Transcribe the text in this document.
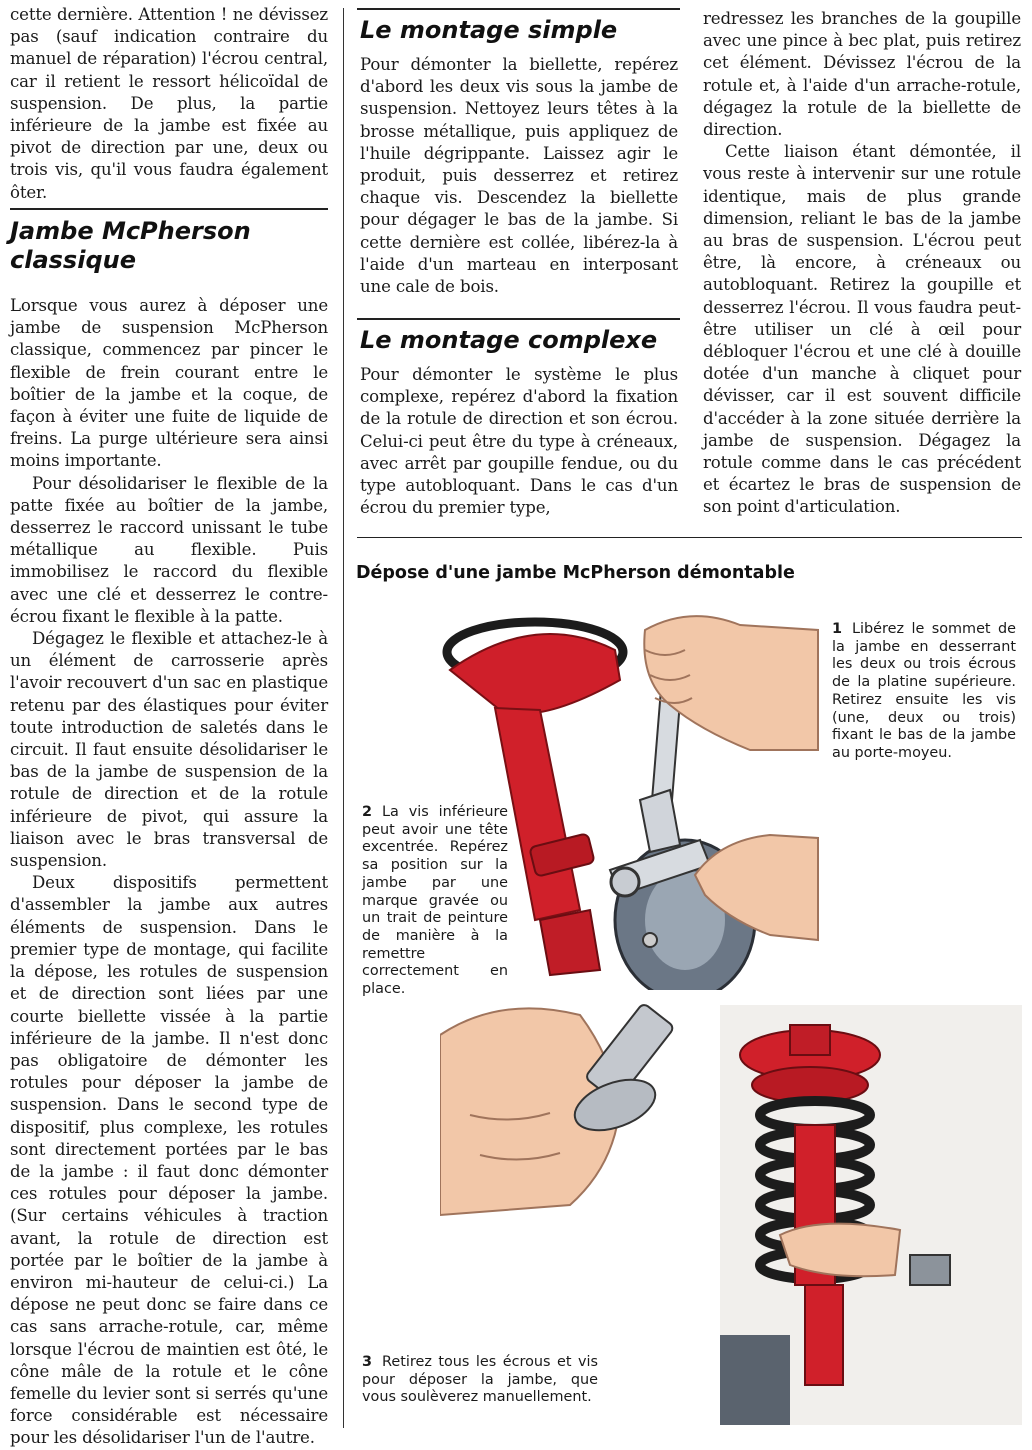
cette dernière. Attention ! ne dévissez pas (sauf indication contraire du manuel de réparation) l'écrou central, car il retient le ressort hélicoïdal de suspension. De plus, la partie inférieure de la jambe est fixée au pivot de direction par une, deux ou trois vis, qu'il vous faudra également ôter.
Jambe McPherson classique

Lorsque vous aurez à déposer une jambe de suspension McPherson classique, commencez par pincer le flexible de frein courant entre le boîtier de la jambe et la coque, de façon à éviter une fuite de liquide de freins. La purge ultérieure sera ainsi moins importante.

Pour désolidariser le flexible de la patte fixée au boîtier de la jambe, desserrez le raccord unissant le tube métallique au flexible. Puis immobilisez le raccord du flexible avec une clé et desserrez le contre-écrou fixant le flexible à la patte.

Dégagez le flexible et attachez-le à un élément de carrosserie après l'avoir recouvert d'un sac en plastique retenu par des élastiques pour éviter toute introduction de saletés dans le circuit. Il faut ensuite désolidariser le bas de la jambe de suspension de la rotule de direction et de la rotule inférieure de pivot, qui assure la liaison avec le bras transversal de suspension.

Deux dispositifs permettent d'assembler la jambe aux autres éléments de suspension. Dans le premier type de montage, qui facilite la dépose, les rotules de suspension et de direction sont liées par une courte biellette vissée à la partie inférieure de la jambe. Il n'est donc pas obligatoire de démonter les rotules pour déposer la jambe de suspension. Dans le second type de dispositif, plus complexe, les rotules sont directement portées par le bas de la jambe : il faut donc démonter ces rotules pour déposer la jambe. (Sur certains véhicules à traction avant, la rotule de direction est portée par le boîtier de la jambe à environ mi-hauteur de celui-ci.) La dépose ne peut donc se faire dans ce cas sans arrache-rotule, car, même lorsque l'écrou de maintien est ôté, le cône mâle de la rotule et le cône femelle du levier sont si serrés qu'une force considérable est nécessaire pour les désolidariser l'un de l'autre.

Le montage simple
Pour démonter la biellette, repérez d'abord les deux vis sous la jambe de suspension. Nettoyez leurs têtes à la brosse métallique, puis appliquez de l'huile dégrippante. Laissez agir le produit, puis desserrez et retirez chaque vis. Descendez la biellette pour dégager le bas de la jambe. Si cette dernière est collée, libérez-la à l'aide d'un marteau en interposant une cale de bois.
Le montage complexe
Pour démonter le système le plus complexe, repérez d'abord la fixation de la rotule de direction et son écrou. Celui-ci peut être du type à créneaux, avec arrêt par goupille fendue, ou du type autobloquant. Dans le cas d'un écrou du premier type,

redressez les branches de la goupille avec une pince à bec plat, puis retirez cet élément. Dévissez l'écrou de la rotule et, à l'aide d'un arrache-rotule, dégagez la rotule de la biellette de direction.

Cette liaison étant démontée, il vous reste à intervenir sur une rotule identique, mais de plus grande dimension, reliant le bas de la jambe au bras de suspension. L'écrou peut être, là encore, à créneaux ou autobloquant. Retirez la goupille et desserrez l'écrou. Il vous faudra peut-être utiliser un clé à œil pour débloquer l'écrou et une clé à douille dotée d'un manche à cliquet pour dévisser, car il est souvent difficile d'accéder à la zone située derrière la jambe de suspension. Dégagez la rotule comme dans le cas précédent et écartez le bras de suspension de son point d'articulation.

Dépose d'une jambe McPherson démontable
1 Libérez le sommet de la jambe en desserrant les deux ou trois écrous de la platine supérieure. Retirez ensuite les vis (une, deux ou trois) fixant le bas de la jambe au porte-moyeu.
2 La vis inférieure peut avoir une tête excentrée. Repérez sa position sur la jambe par une marque gravée ou un trait de peinture de manière à la remettre correctement en place.
3 Retirez tous les écrous et vis pour déposer la jambe, que vous soulèverez manuellement.
